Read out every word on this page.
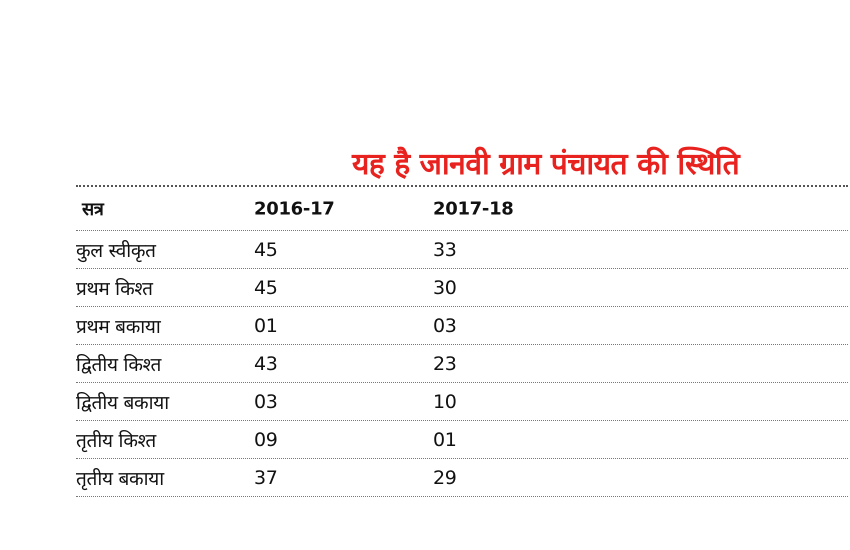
यह है जानवी ग्राम पंचायत की स्थिति
सत्र	2016-17	2017-18
कुल स्वीकृत	45	33
प्रथम किश्त	45	30
प्रथम बकाया	01	03
द्वितीय किश्त	43	23
द्वितीय बकाया	03	10
तृतीय किश्त	09	01
तृतीय बकाया	37	29
